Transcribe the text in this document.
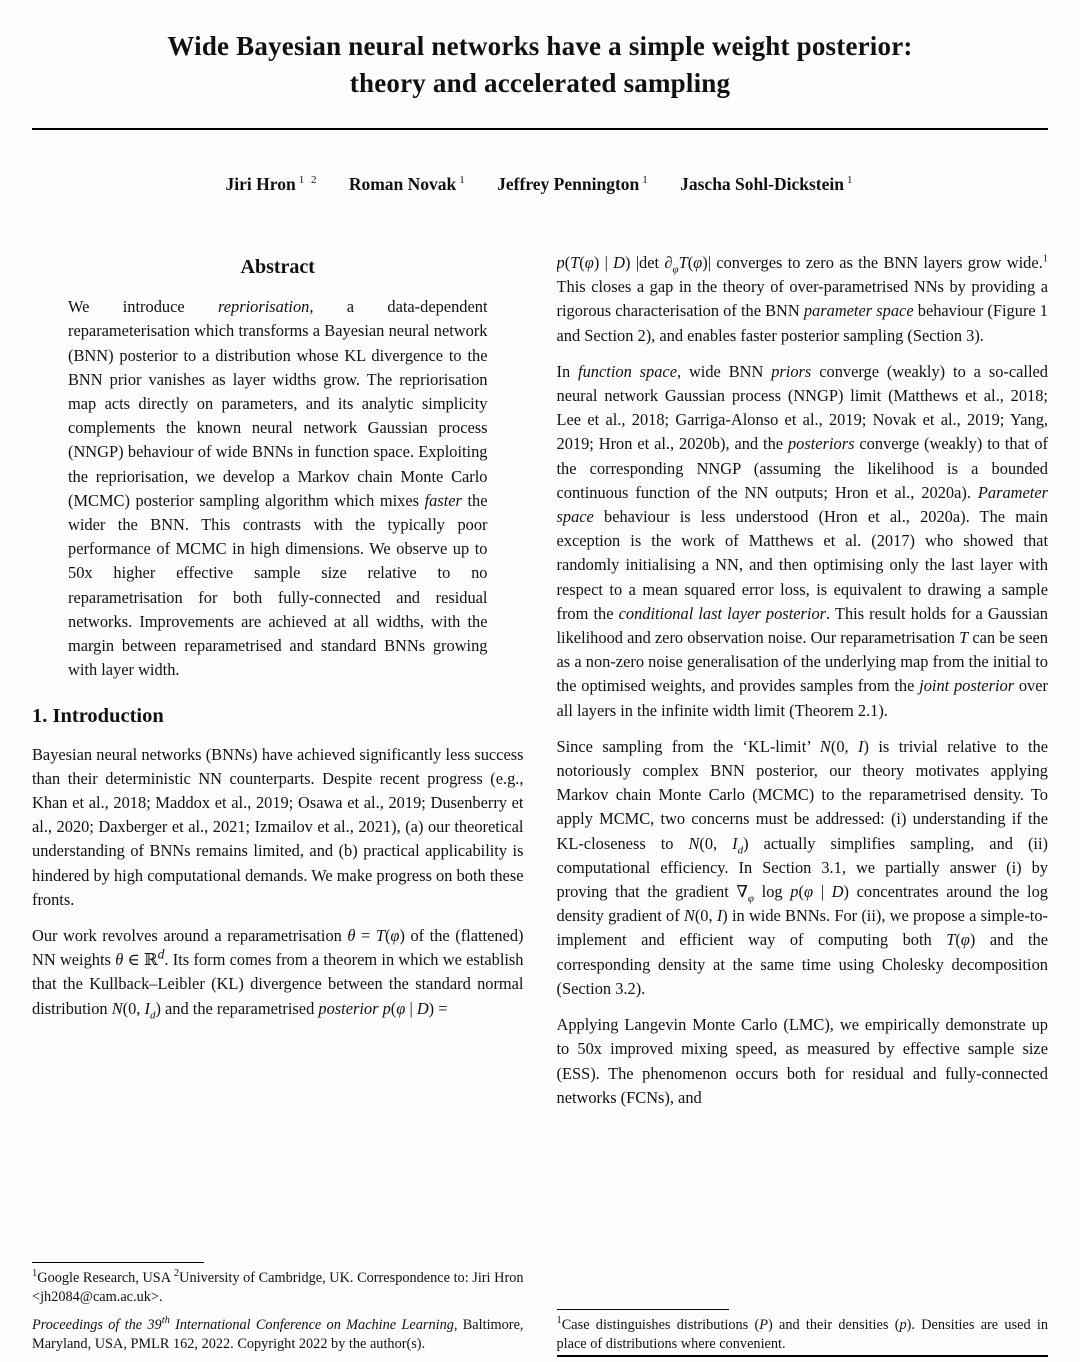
Wide Bayesian neural networks have a simple weight posterior:
theory and accelerated sampling
Jiri Hron $^{1 2}$ Roman Novak $^1$ Jeffrey Pennington $^1$ Jascha Sohl-Dickstein $^1$
Abstract

We introduce repriorisation, a data-dependent reparameterisation which transforms a Bayesian neural network (BNN) posterior to a distribution whose KL divergence to the BNN prior vanishes as layer widths grow. The repriorisation map acts directly on parameters, and its analytic simplicity complements the known neural network Gaussian process (NNGP) behaviour of wide BNNs in function space. Exploiting the repriorisation, we develop a Markov chain Monte Carlo (MCMC) posterior sampling algorithm which mixes faster the wider the BNN. This contrasts with the typically poor performance of MCMC in high dimensions. We observe up to 50x higher effective sample size relative to no reparametrisation for both fully-connected and residual networks. Improvements are achieved at all widths, with the margin between reparametrised and standard BNNs growing with layer width.

1. Introduction

Bayesian neural networks (BNNs) have achieved significantly less success than their deterministic NN counterparts. Despite recent progress (e.g., Khan et al., 2018; Maddox et al., 2019; Osawa et al., 2019; Dusenberry et al., 2020; Daxberger et al., 2021; Izmailov et al., 2021), (a) our theoretical understanding of BNNs remains limited, and (b) practical applicability is hindered by high computational demands. We make progress on both these fronts.

Our work revolves around a reparametrisation θ = T(φ) of the (flattened) NN weights θ ∈ ℝ$^d$. Its form comes from a theorem in which we establish that the Kullback–Leibler (KL) divergence between the standard normal distribution N(0, $I_d$) and the reparametrised posterior p(φ | D) =

$^1$Google Research, USA $^2$University of Cambridge, UK. Correspondence to: Jiri Hron <jh2084@cam.ac.uk>.

Proceedings of the 39th International Conference on Machine Learning, Baltimore, Maryland, USA, PMLR 162, 2022. Copyright 2022 by the author(s).

p(T(φ) | D) |det $\partial_\varphi T(\varphi)|$ converges to zero as the BNN layers grow wide.$^1$ This closes a gap in the theory of over-parametrised NNs by providing a rigorous characterisation of the BNN parameter space behaviour (Figure 1 and Section 2), and enables faster posterior sampling (Section 3).

In function space, wide BNN priors converge (weakly) to a so-called neural network Gaussian process (NNGP) limit (Matthews et al., 2018; Lee et al., 2018; Garriga-Alonso et al., 2019; Novak et al., 2019; Yang, 2019; Hron et al., 2020b), and the posteriors converge (weakly) to that of the corresponding NNGP (assuming the likelihood is a bounded continuous function of the NN outputs; Hron et al., 2020a). Parameter space behaviour is less understood (Hron et al., 2020a). The main exception is the work of Matthews et al. (2017) who showed that randomly initialising a NN, and then optimising only the last layer with respect to a mean squared error loss, is equivalent to drawing a sample from the conditional last layer posterior. This result holds for a Gaussian likelihood and zero observation noise. Our reparametrisation T can be seen as a non-zero noise generalisation of the underlying map from the initial to the optimised weights, and provides samples from the joint posterior over all layers in the infinite width limit (Theorem 2.1).

Since sampling from the ‘KL-limit’ N(0, I) is trivial relative to the notoriously complex BNN posterior, our theory motivates applying Markov chain Monte Carlo (MCMC) to the reparametrised density. To apply MCMC, two concerns must be addressed: (i) understanding if the KL-closeness to N(0, $I_d$) actually simplifies sampling, and (ii) computational efficiency. In Section 3.1, we partially answer (i) by proving that the gradient $\nabla_\varphi$ log p(φ | D) concentrates around the log density gradient of N(0, I) in wide BNNs. For (ii), we propose a simple-to-implement and efficient way of computing both T(φ) and the corresponding density at the same time using Cholesky decomposition (Section 3.2).

Applying Langevin Monte Carlo (LMC), we empirically demonstrate up to 50x improved mixing speed, as measured by effective sample size (ESS). The phenomenon occurs both for residual and fully-connected networks (FCNs), and

$^1$Case distinguishes distributions (P) and their densities (p). Densities are used in place of distributions where convenient.
